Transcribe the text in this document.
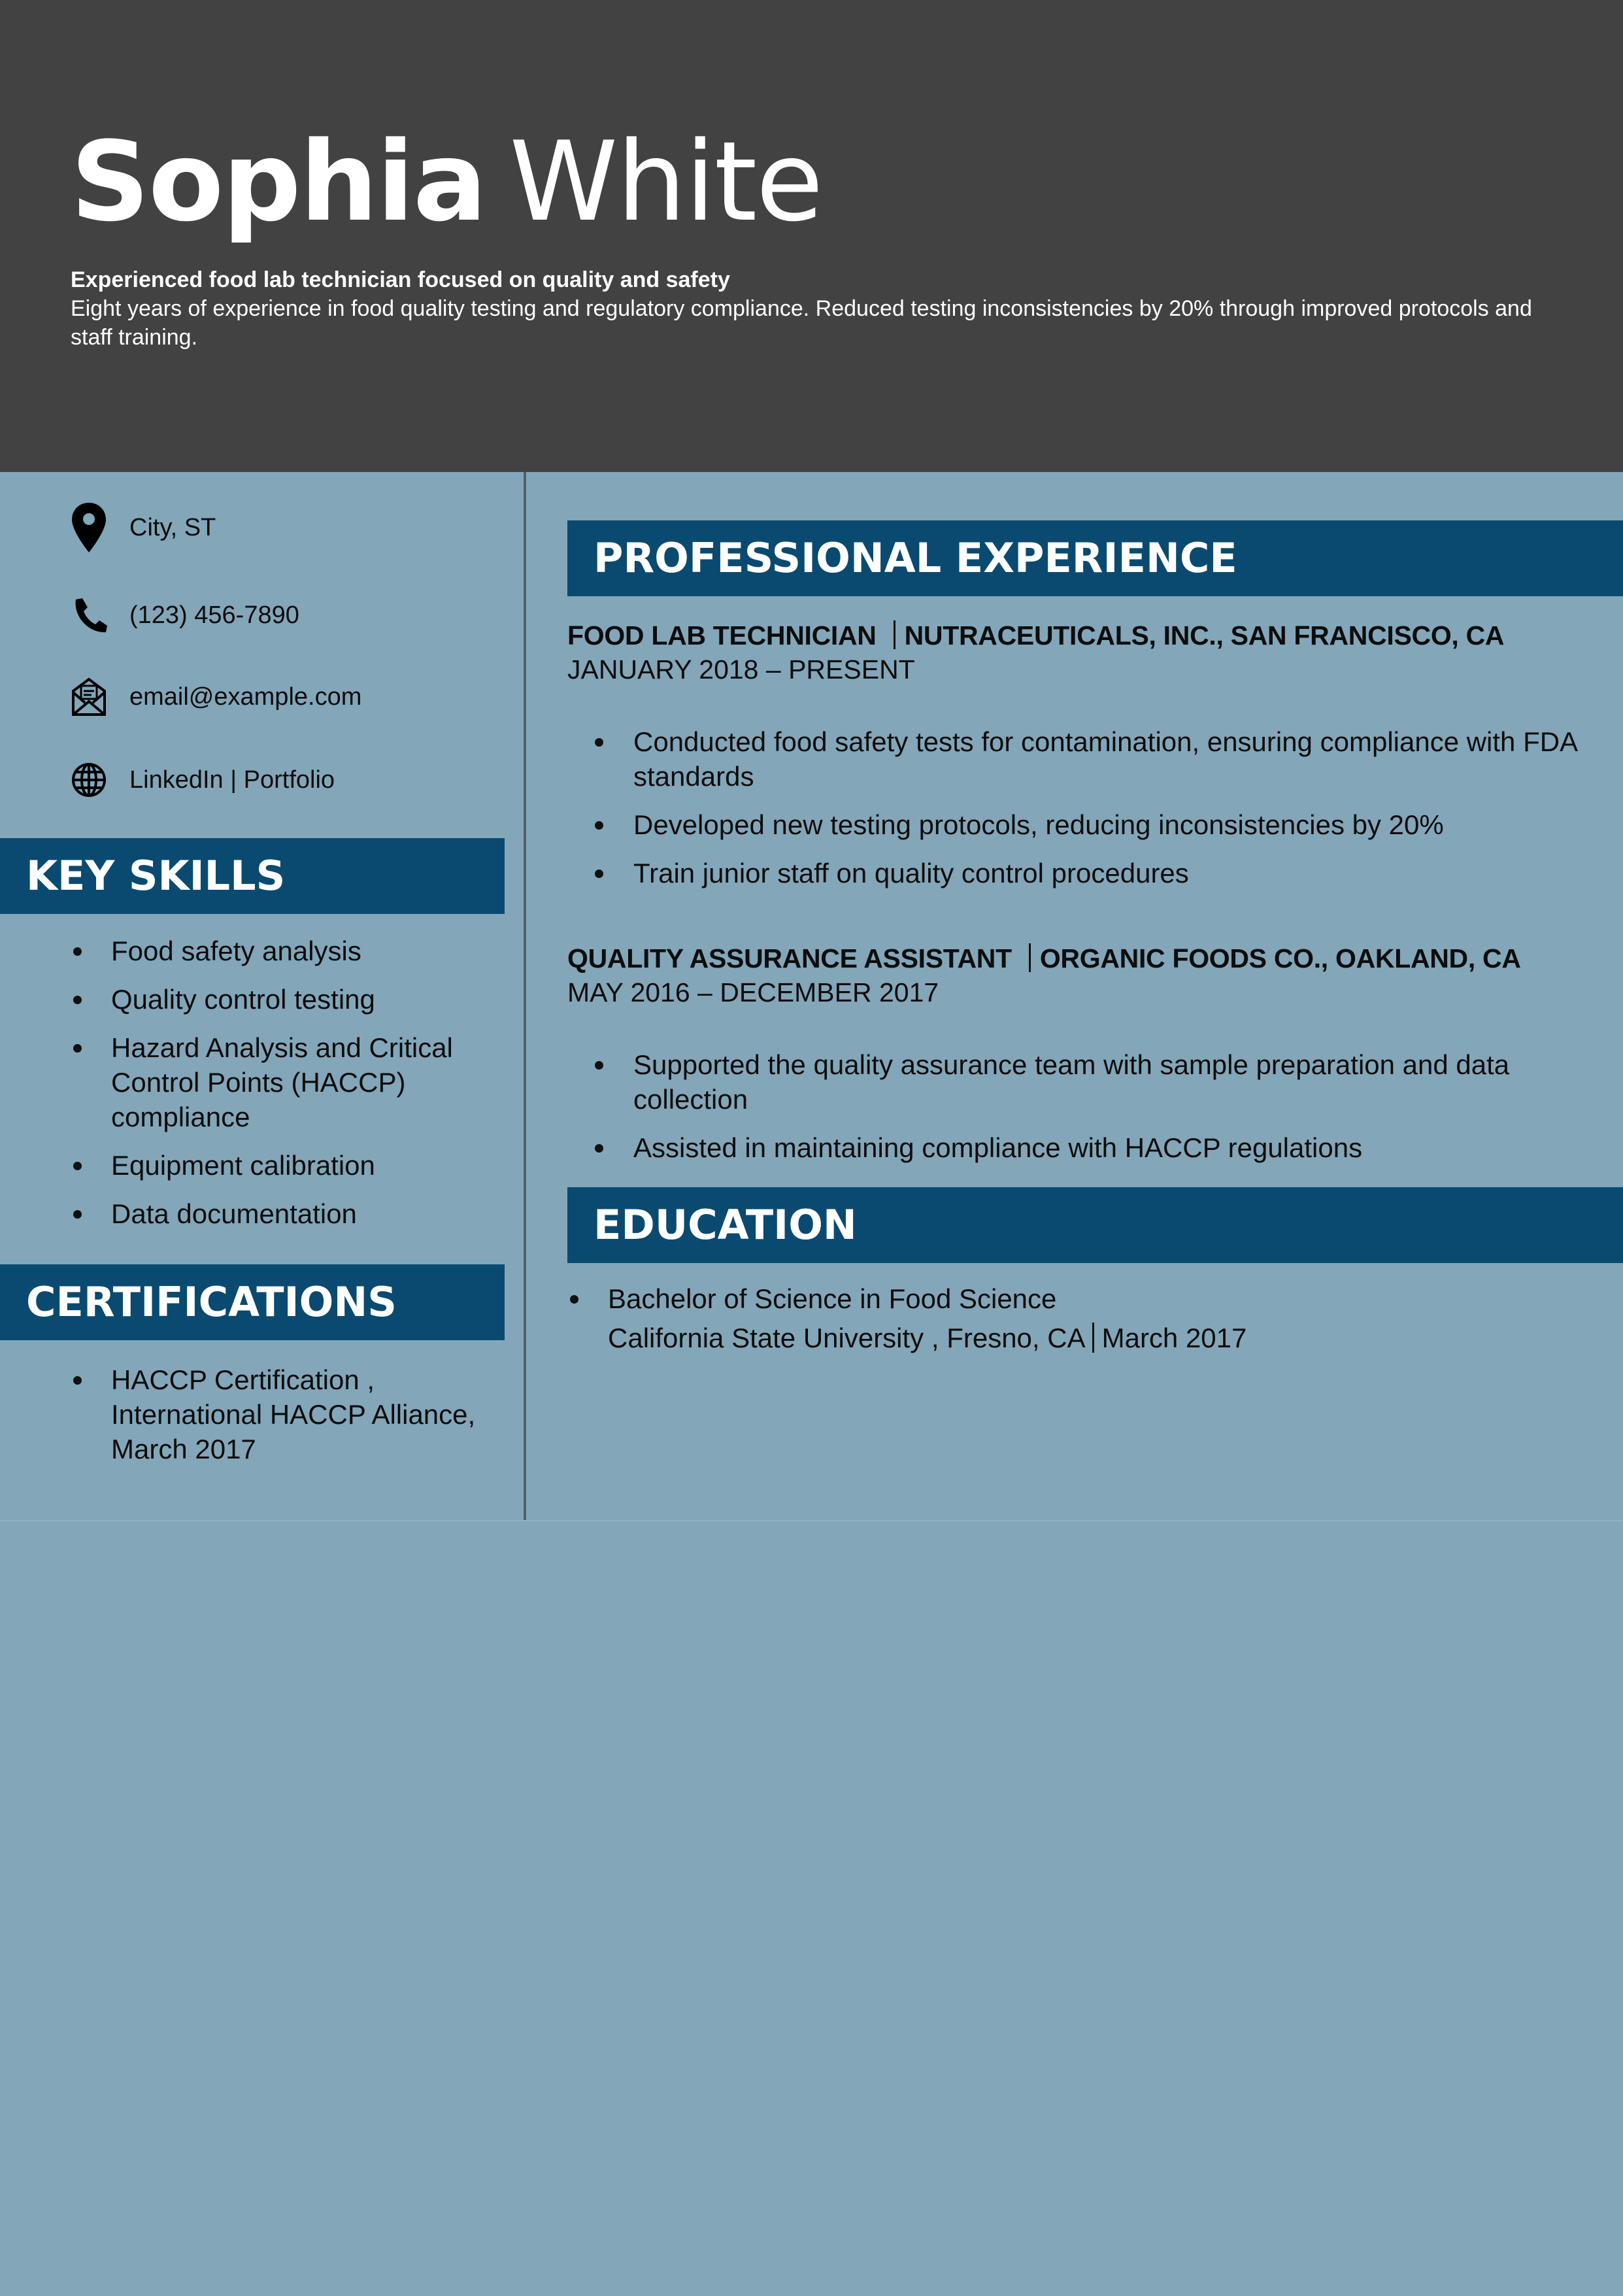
Sophia White
Experienced food lab technician focused on quality and safety
Eight years of experience in food quality testing and regulatory compliance. Reduced testing inconsistencies by 20% through improved protocols and staff training.
City, ST
(123) 456-7890
email@example.com
LinkedIn | Portfolio
KEY SKILLS
Food safety analysis
Quality control testing
Hazard Analysis and Critical Control Points (HACCP) compliance
Equipment calibration
Data documentation
CERTIFICATIONS
HACCP Certification , International HACCP Alliance, March 2017
PROFESSIONAL EXPERIENCE
FOOD LAB TECHNICIAN NUTRACEUTICALS, INC., SAN FRANCISCO, CA
JANUARY 2018 – PRESENT
Conducted food safety tests for contamination, ensuring compliance with FDA standards
Developed new testing protocols, reducing inconsistencies by 20%
Train junior staff on quality control procedures
QUALITY ASSURANCE ASSISTANT ORGANIC FOODS CO., OAKLAND, CA
MAY 2016 – DECEMBER 2017
Supported the quality assurance team with sample preparation and data collection
Assisted in maintaining compliance with HACCP regulations
EDUCATION
Bachelor of Science in Food Science
California State University , Fresno, CA March 2017
